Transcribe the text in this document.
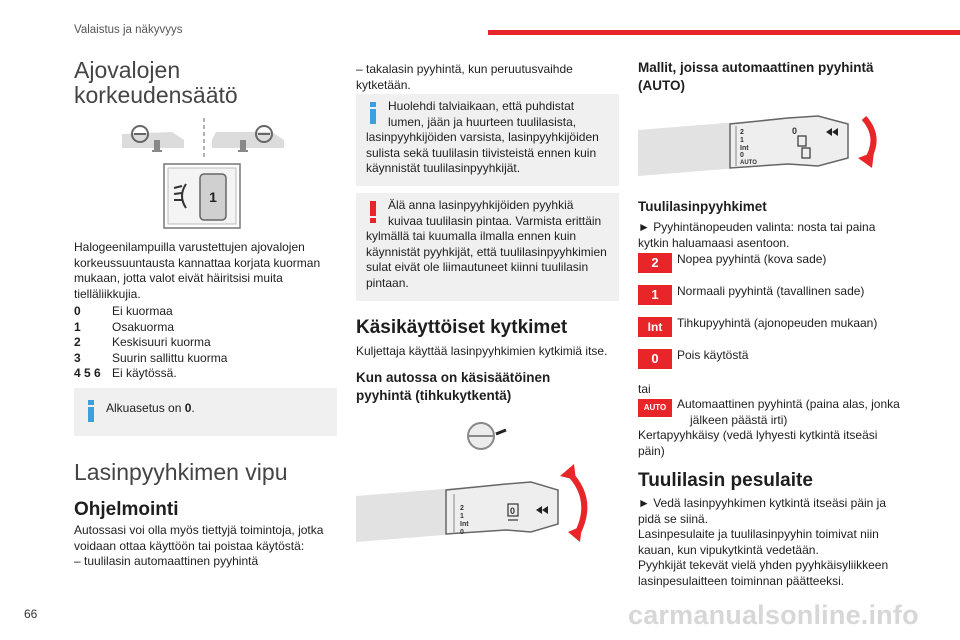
Valaistus ja näkyvyys
Ajovalojen
korkeudensäätö
1
Halogeenilampuilla varustettujen ajovalojen
korkeussuuntausta kannattaa korjata kuorman
mukaan, jotta valot eivät häiritsisi muita
tielläliikkujia.
0	Ei kuormaa
1	Osakuorma
2	Keskisuuri kuorma
3	Suurin sallittu kuorma
4 5 6 Ei käytössä.
Alkuasetus on 0.
Lasinpyyhkimen vipu
Ohjelmointi
Autossasi voi olla myös tiettyjä toimintoja, jotka
voidaan ottaa käyttöön tai poistaa käytöstä:
– tuulilasin automaattinen pyyhintä
– takalasin pyyhintä, kun peruutusvaihde
kytketään.
Huolehdi talviaikaan, että puhdistat
lumen, jään ja huurteen tuulilasista,
lasinpyyhkijöiden varsista, lasinpyyhkijöiden
sulista sekä tuulilasin tiivisteistä ennen kuin
käynnistät tuulilasinpyyhkijät.
Älä anna lasinpyyhkijöiden pyyhkiä
kuivaa tuulilasin pintaa. Varmista erittäin
kylmällä tai kuumalla ilmalla ennen kuin
käynnistät pyyhkijät, että tuulilasinpyyhkimien
sulat eivät ole liimautuneet kiinni tuulilasin
pintaan.
Käsikäyttöiset kytkimet
Kuljettaja käyttää lasinpyyhkimien kytkimiä itse.
Kun autossa on käsisäätöinen
pyyhintä (tihkukytkentä)
2
1
Int
0
0
Mallit, joissa automaattinen pyyhintä
(AUTO)
2
1
Int
0
AUTO
0
Tuulilasinpyyhkimet
► Pyyhintänopeuden valinta: nosta tai paina
kytkin haluamaasi asentoon.
2	Nopea pyyhintä (kova sade)
1	Normaali pyyhintä (tavallinen sade)
Int	Tihkupyyhintä (ajonopeuden mukaan)
0	Pois käytöstä
tai
AUTO Automaattinen pyyhintä (paina alas, jonka
jälkeen päästä irti)
Kertapyyhkäisy (vedä lyhyesti kytkintä itseäsi
päin)
Tuulilasin pesulaite
► Vedä lasinpyyhkimen kytkintä itseäsi päin ja
pidä se siinä.
Lasinpesulaite ja tuulilasinpyyhin toimivat niin
kauan, kun vipukytkintä vedetään.
Pyyhkijät tekevät vielä yhden pyyhkäisyliikkeen
lasinpesulaitteen toiminnan päätteeksi.
66	carmanualsonline.info
